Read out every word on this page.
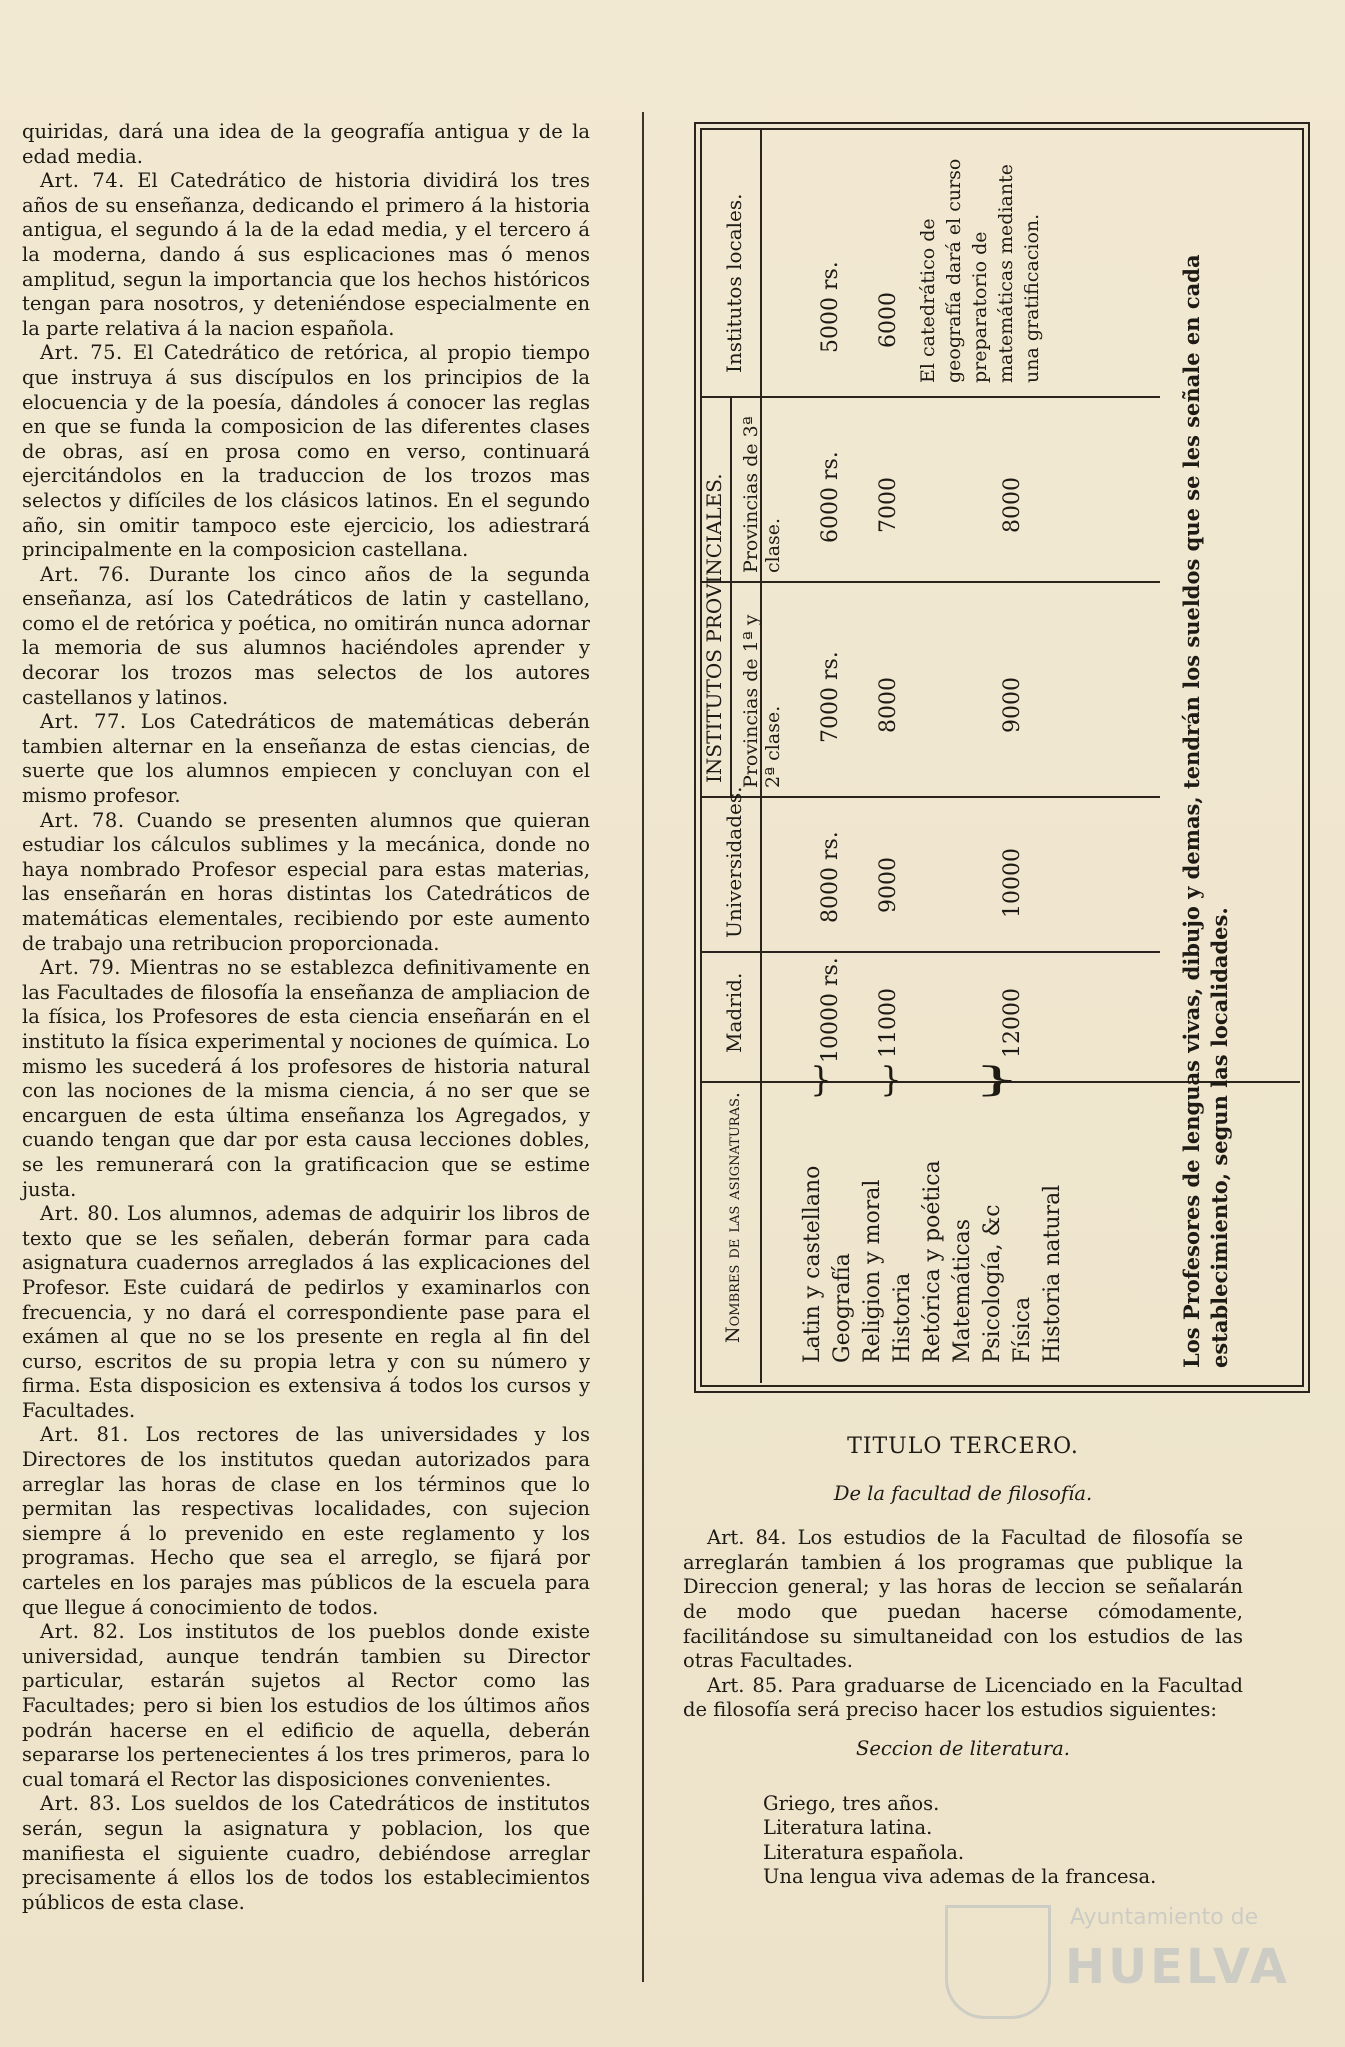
quiridas, dará una idea de la geografía antigua y de la edad media.

Art. 74. El Catedrático de historia dividirá los tres años de su enseñanza, dedicando el primero á la historia antigua, el segundo á la de la edad media, y el tercero á la moderna, dando á sus esplicaciones mas ó menos amplitud, segun la importancia que los hechos históricos tengan para nosotros, y deteniéndose especialmente en la parte relativa á la nacion española.

Art. 75. El Catedrático de retórica, al propio tiempo que instruya á sus discípulos en los principios de la elocuencia y de la poesía, dándoles á conocer las reglas en que se funda la composicion de las diferentes clases de obras, así en prosa como en verso, continuará ejercitándolos en la traduccion de los trozos mas selectos y difíciles de los clásicos latinos. En el segundo año, sin omitir tampoco este ejercicio, los adiestrará principalmente en la composicion castellana.

Art. 76. Durante los cinco años de la segunda enseñanza, así los Catedráticos de latin y castellano, como el de retórica y poética, no omitirán nunca adornar la memoria de sus alumnos haciéndoles aprender y decorar los trozos mas selectos de los autores castellanos y latinos.

Art. 77. Los Catedráticos de matemáticas deberán tambien alternar en la enseñanza de estas ciencias, de suerte que los alumnos empiecen y concluyan con el mismo profesor.

Art. 78. Cuando se presenten alumnos que quieran estudiar los cálculos sublimes y la mecánica, donde no haya nombrado Profesor especial para estas materias, las enseñarán en horas distintas los Catedráticos de matemáticas elementales, recibiendo por este aumento de trabajo una retribucion proporcionada.

Art. 79. Mientras no se establezca definitivamente en las Facultades de filosofía la enseñanza de ampliacion de la física, los Profesores de esta ciencia enseñarán en el instituto la física experimental y nociones de química. Lo mismo les sucederá á los profesores de historia natural con las nociones de la misma ciencia, á no ser que se encarguen de esta última enseñanza los Agregados, y cuando tengan que dar por esta causa lecciones dobles, se les remunerará con la gratificacion que se estime justa.

Art. 80. Los alumnos, ademas de adquirir los libros de texto que se les señalen, deberán formar para cada asignatura cuadernos arreglados á las explicaciones del Profesor. Este cuidará de pedirlos y examinarlos con frecuencia, y no dará el correspondiente pase para el exámen al que no se los presente en regla al fin del curso, escritos de su propia letra y con su número y firma. Esta disposicion es extensiva á todos los cursos y Facultades.

Art. 81. Los rectores de las universidades y los Directores de los institutos quedan autorizados para arreglar las horas de clase en los términos que lo permitan las respectivas localidades, con sujecion siempre á lo prevenido en este reglamento y los programas. Hecho que sea el arreglo, se fijará por carteles en los parajes mas públicos de la escuela para que llegue á conocimiento de todos.

Art. 82. Los institutos de los pueblos donde existe universidad, aunque tendrán tambien su Director particular, estarán sujetos al Rector como las Facultades; pero si bien los estudios de los últimos años podrán hacerse en el edificio de aquella, deberán separarse los pertenecientes á los tres primeros, para lo cual tomará el Rector las disposiciones convenientes.

Art. 83. Los sueldos de los Catedráticos de institutos serán, segun la asignatura y poblacion, los que manifiesta el siguiente cuadro, debiéndose arreglar precisamente á ellos los de todos los establecimientos públicos de esta clase.

Nombres de las asignaturas.
Madrid.
Universidades.
INSTITUTOS PROVINCIALES. Provincias de 1ª y 2ª clase.
Provincias de 3ª clase.
Institutos locales.
Latin y castellano Geografía Religion y moral Historia Retórica y poética Matemáticas Psicología, &c Física Historia natural
} } }
10000 rs.
8000 rs.
7000 rs.
6000 rs.
5000 rs.
11000
9000
8000
7000
6000
12000
10000
9000
8000
El catedrático de geografía dará el curso preparatorio de matemáticas mediante una gratificacion.	Los Profesores de lenguas vivas, dibujo y demas, tendrán los sueldos que se les señale en cada establecimiento, segun las localidades.

TITULO TERCERO.

De la facultad de filosofía.

Art. 84. Los estudios de la Facultad de filosofía se arreglarán tambien á los programas que publique la Direccion general; y las horas de leccion se señalarán de modo que puedan hacerse cómodamente, facilitándose su simultaneidad con los estudios de las otras Facultades.

Art. 85. Para graduarse de Licenciado en la Facultad de filosofía será preciso hacer los estudios siguientes:

Seccion de literatura.

Griego, tres años.

Literatura latina.

Literatura española.

Una lengua viva ademas de la francesa.

Ayuntamiento de
HUELVA
